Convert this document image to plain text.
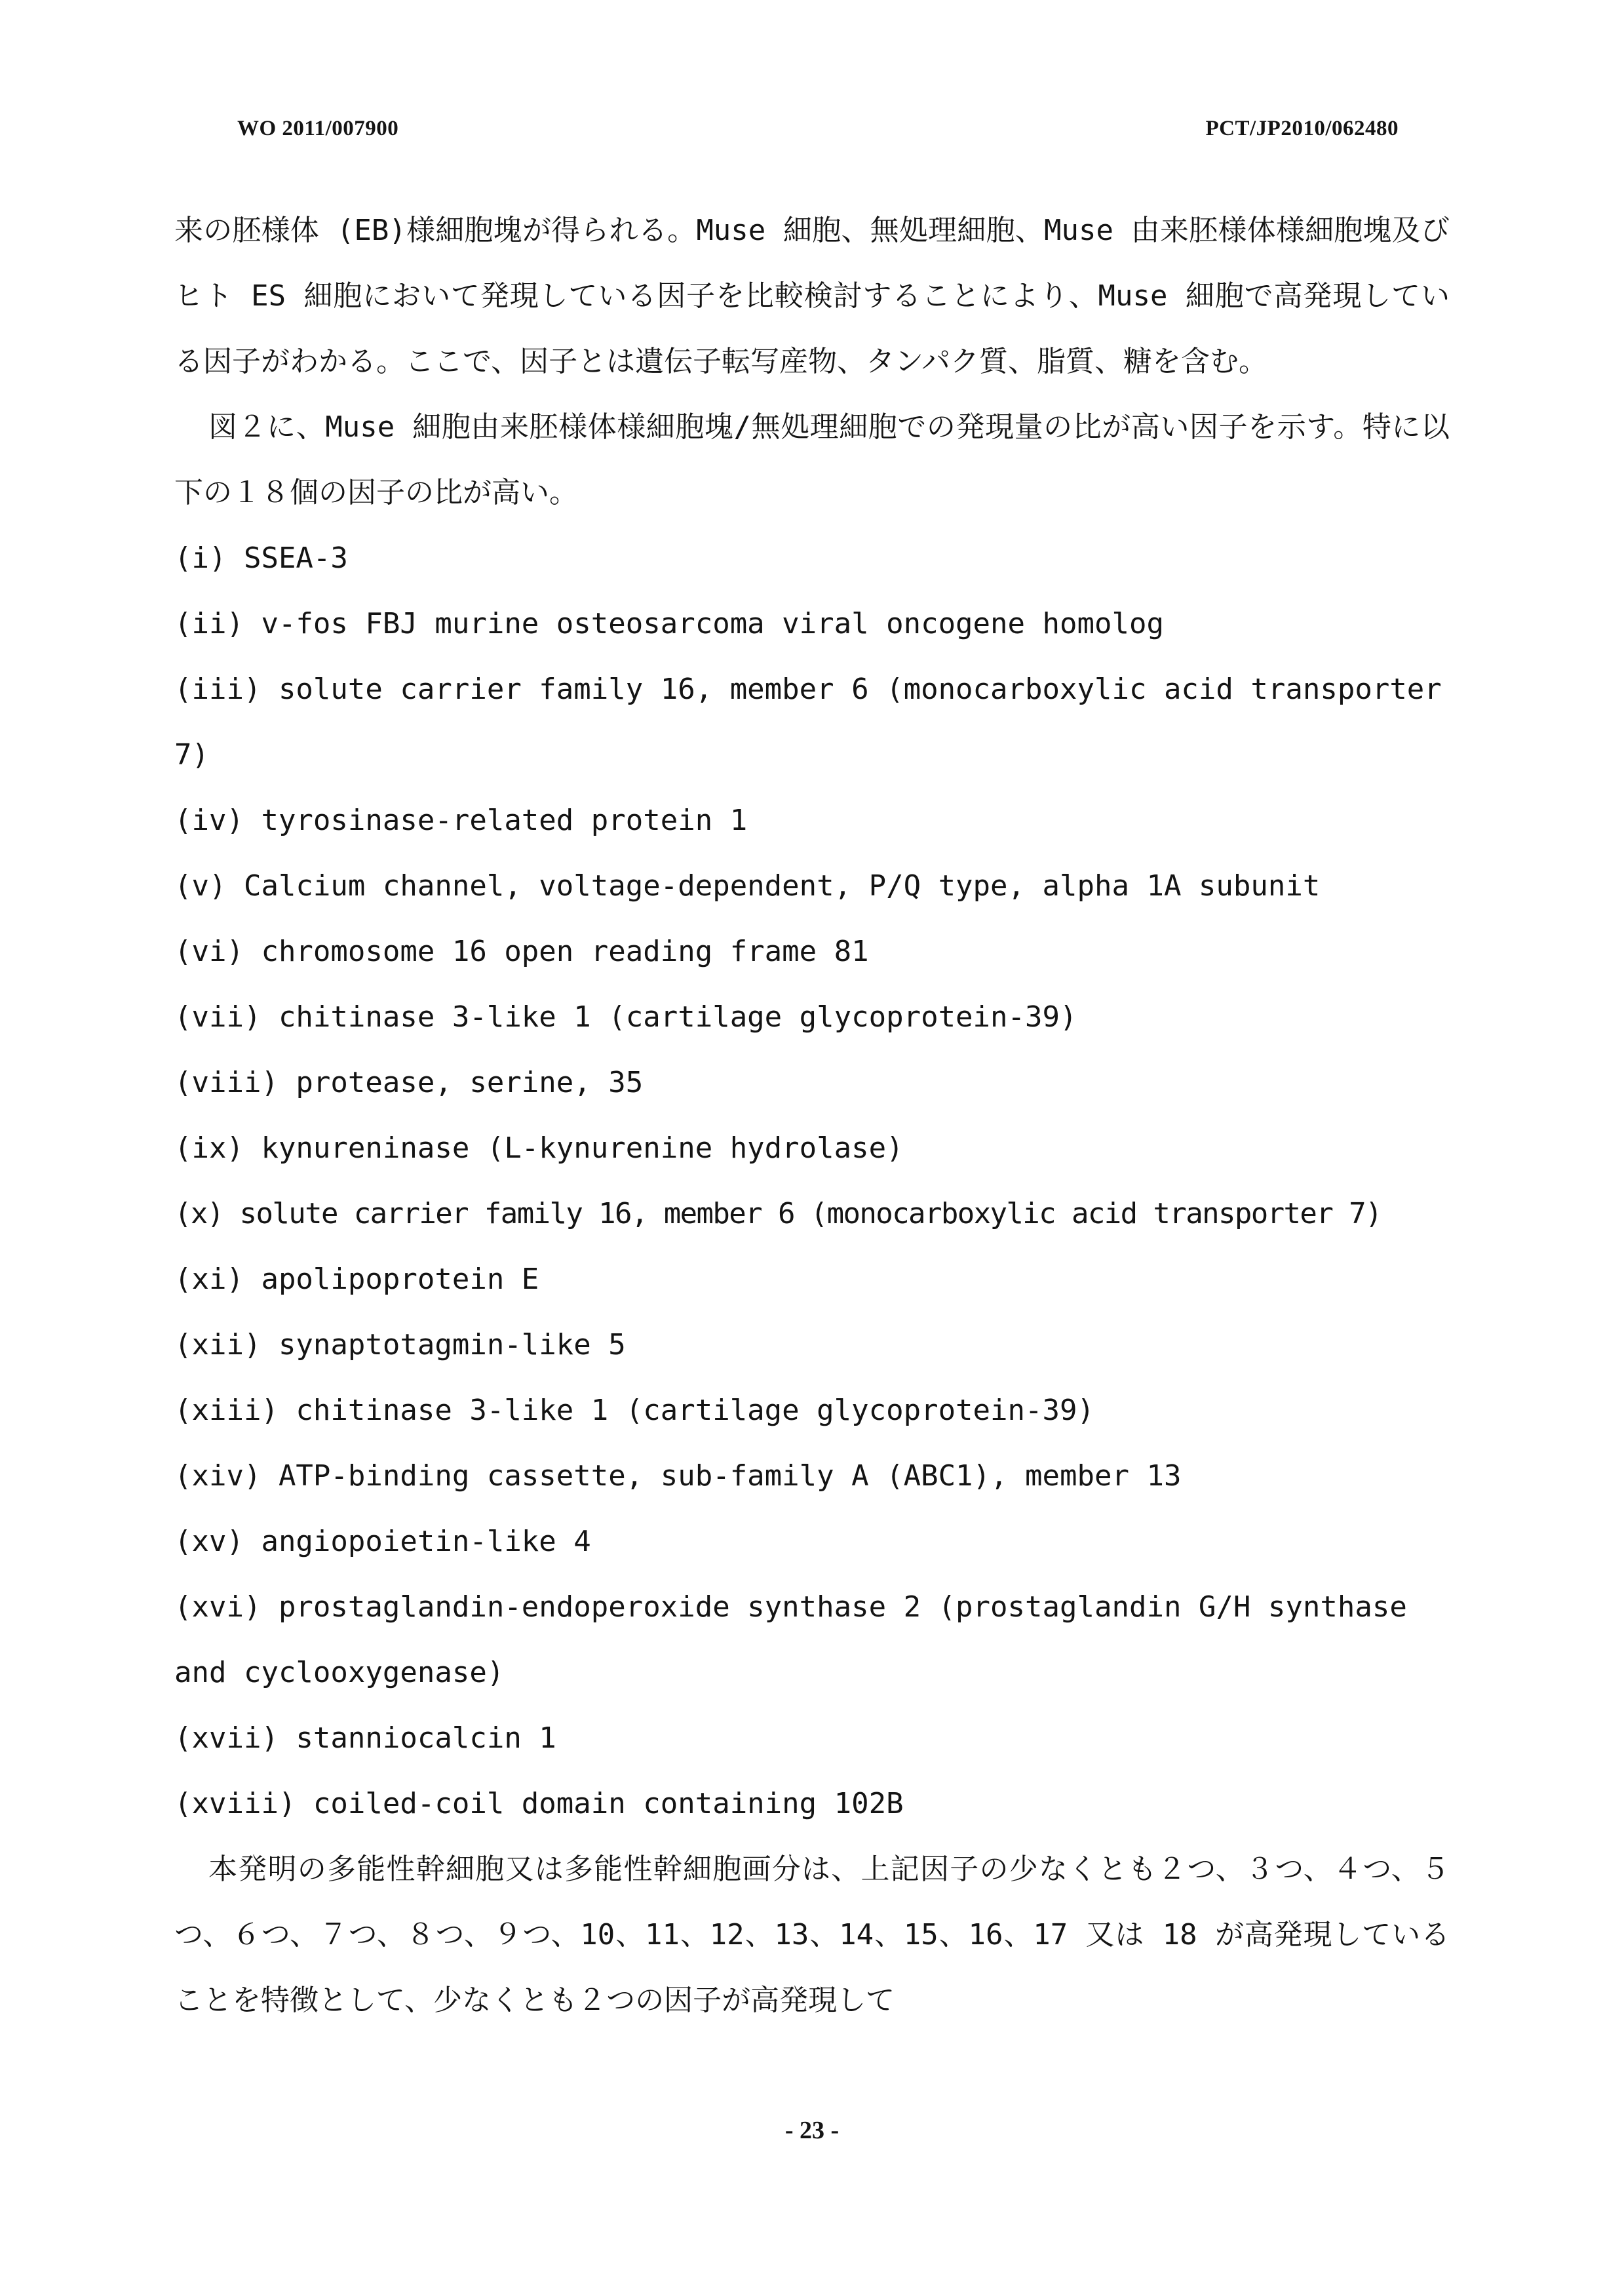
WO 2011/007900	PCT/JP2010/062480

来の胚様体 (EB)様細胞塊が得られる。Muse 細胞、無処理細胞、Muse 由来胚様体様細胞塊及びヒト ES 細胞において発現している因子を比較検討することにより、Muse 細胞で高発現している因子がわかる。ここで、因子とは遺伝子転写産物、タンパク質、脂質、糖を含む。

図２に、Muse 細胞由来胚様体様細胞塊/無処理細胞での発現量の比が高い因子を示す。特に以下の１８個の因子の比が高い。

(i) SSEA-3
(ii) v-fos FBJ murine osteosarcoma viral oncogene homolog
(iii) solute carrier family 16, member 6 (monocarboxylic acid transporter 7)
(iv) tyrosinase-related protein 1
(v) Calcium channel, voltage-dependent, P/Q type, alpha 1A subunit
(vi) chromosome 16 open reading frame 81
(vii) chitinase 3-like 1 (cartilage glycoprotein-39)
(viii) protease, serine, 35
(ix) kynureninase (L-kynurenine hydrolase)
(x) solute carrier family 16, member 6 (monocarboxylic acid transporter 7)
(xi) apolipoprotein E
(xii) synaptotagmin-like 5
(xiii) chitinase 3-like 1 (cartilage glycoprotein-39)
(xiv) ATP-binding cassette, sub-family A (ABC1), member 13
(xv) angiopoietin-like 4
(xvi) prostaglandin-endoperoxide synthase 2 (prostaglandin G/H synthase and cyclooxygenase)
(xvii) stanniocalcin 1
(xviii) coiled-coil domain containing 102B

本発明の多能性幹細胞又は多能性幹細胞画分は、上記因子の少なくとも２つ、３つ、４つ、５つ、６つ、７つ、８つ、９つ、10、11、12、13、14、15、16、17 又は 18 が高発現していることを特徴として、少なくとも２つの因子が高発現して

- 23 -
